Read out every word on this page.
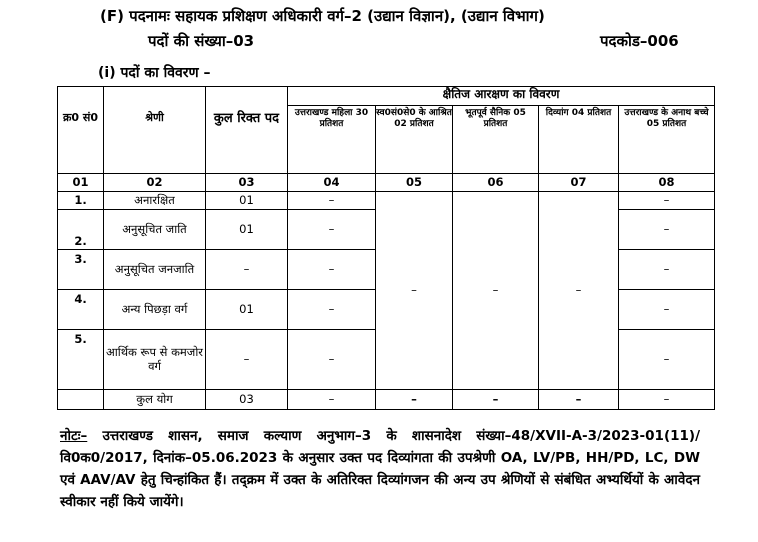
(F) पदनामः सहायक प्रशिक्षण अधिकारी वर्ग–2 (उद्यान विज्ञान), (उद्यान विभाग)
पदों की संख्या–03	पदकोड–006
(i) पदों का विवरण –
क्र0 सं0	श्रेणी	कुल रिक्त पद	क्षैतिज आरक्षण का विवरण				
			उत्तराखण्ड महिला 30 प्रतिशत	स्व0सं0से0 के आश्रित 02 प्रतिशत	भूतपूर्व सैनिक 05 प्रतिशत	दिव्यांग 04 प्रतिशत	उत्तराखण्ड के अनाथ बच्चे 05 प्रतिशत
01	02	03	04	05	06	07	08
1.	अनारक्षित	01	–	–	–	–	–
2.	अनुसूचित जाति	01	–				–
3.	अनुसूचित जनजाति	–	–				–
4.	अन्य पिछड़ा वर्ग	01	–				–
5.	आर्थिक रूप से कमजोर वर्ग	–	–				–
	कुल योग	03	–	–	–	–	–
नोटः– उत्तराखण्ड शासन, समाज कल्याण अनुभाग–3 के शासनादेश संख्या–48/XVII-A-3/2023-01(11)/वि0क0/2017, दिनांक–05.06.2023 के अनुसार उक्त पद दिव्यांगता की उपश्रेणी OA, LV/PB, HH/PD, LC, DW एवं AAV/AV हेतु चिन्हांकित हैं। तद्क्रम में उक्त के अतिरिक्त दिव्यांगजन की अन्य उप श्रेणियों से संबंधित अभ्यर्थियों के आवेदन स्वीकार नहीं किये जायेंगे।
